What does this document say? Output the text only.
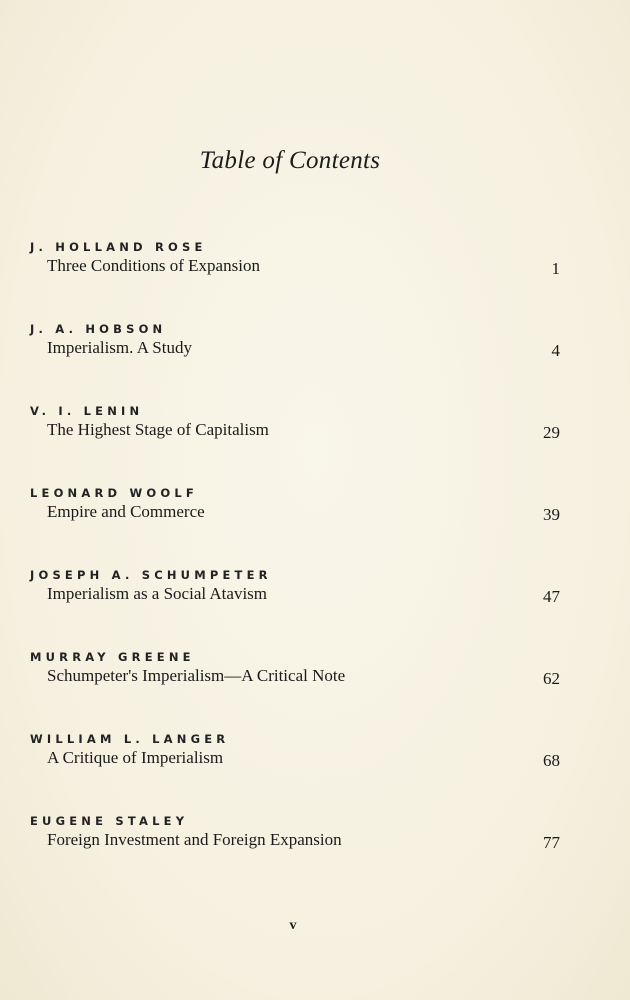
Table of Contents
J. HOLLAND ROSE
Three Conditions of Expansion	1
J. A. HOBSON
Imperialism. A Study	4
V. I. LENIN
The Highest Stage of Capitalism	29
LEONARD WOOLF
Empire and Commerce	39
JOSEPH A. SCHUMPETER
Imperialism as a Social Atavism	47
MURRAY GREENE
Schumpeter's Imperialism—A Critical Note	62
WILLIAM L. LANGER
A Critique of Imperialism	68
EUGENE STALEY
Foreign Investment and Foreign Expansion	77
v
